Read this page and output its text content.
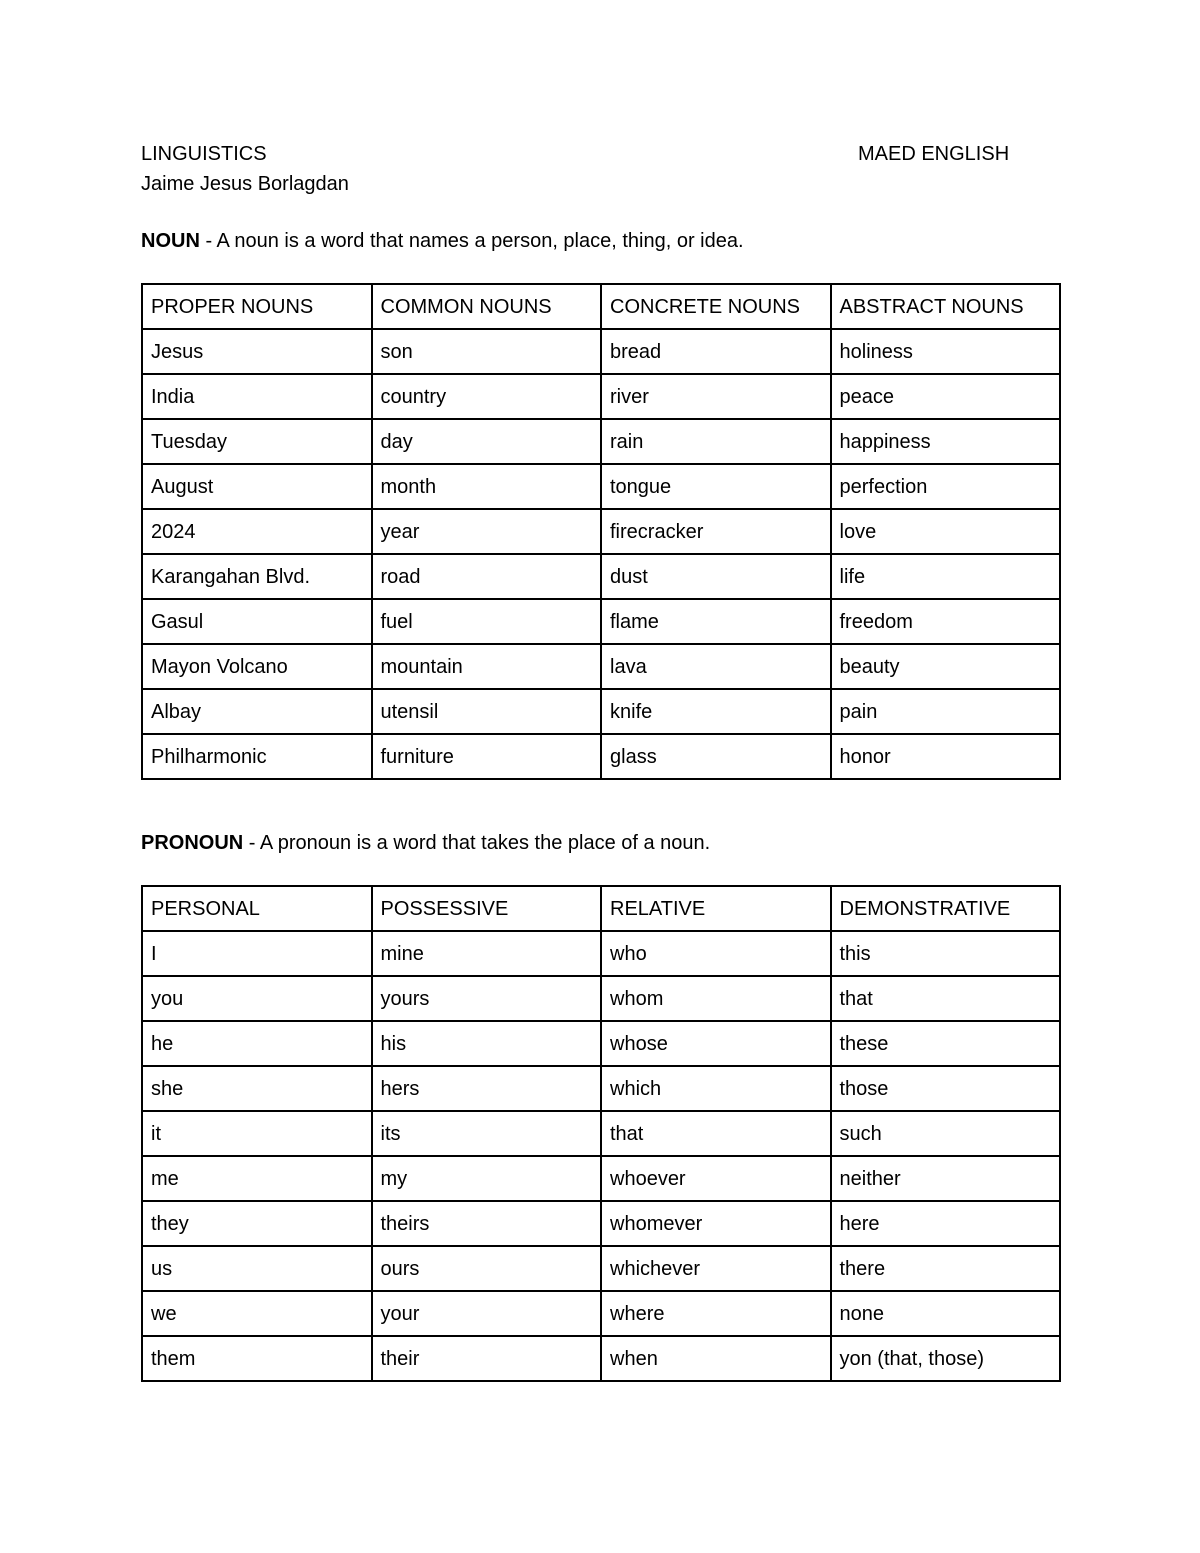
LINGUISTICS	MAED ENGLISH
Jaime Jesus Borlagdan
NOUN - A noun is a word that names a person, place, thing, or idea.
PROPER NOUNS	COMMON NOUNS	CONCRETE NOUNS	ABSTRACT NOUNS
Jesus	son	bread	holiness
India	country	river	peace
Tuesday	day	rain	happiness
August	month	tongue	perfection
2024	year	firecracker	love
Karangahan Blvd.	road	dust	life
Gasul	fuel	flame	freedom
Mayon Volcano	mountain	lava	beauty
Albay	utensil	knife	pain
Philharmonic	furniture	glass	honor
PRONOUN - A pronoun is a word that takes the place of a noun.
PERSONAL	POSSESSIVE	RELATIVE	DEMONSTRATIVE
I	mine	who	this
you	yours	whom	that
he	his	whose	these
she	hers	which	those
it	its	that	such
me	my	whoever	neither
they	theirs	whomever	here
us	ours	whichever	there
we	your	where	none
them	their	when	yon (that, those)
